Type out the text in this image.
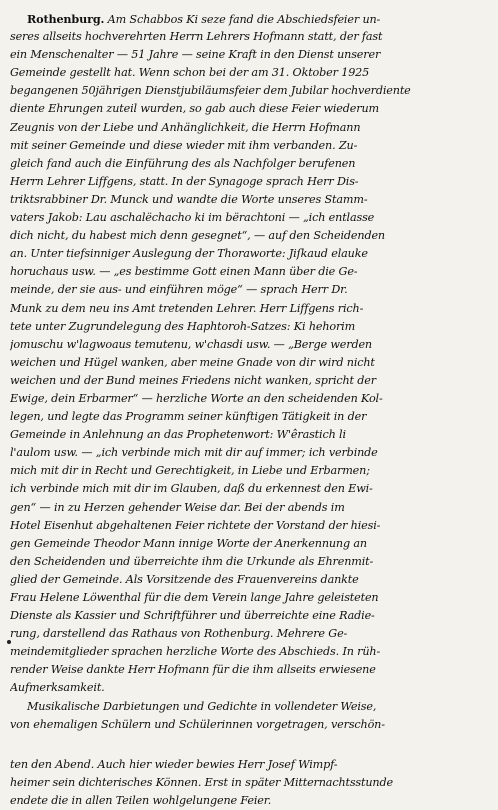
Rothenburg. Am Schabbos Ki seze fand die Abschiedsfeier un-
seres allseits hochverehrten Herrn Lehrers Hofmann statt, der fast
ein Menschenalter — 51 Jahre — seine Kraft in den Dienst unserer
Gemeinde gestellt hat. Wenn schon bei der am 31. Oktober 1925
begangenen 50jährigen Dienstjubiläumsfeier dem Jubilar hochverdiente
diente Ehrungen zuteil wurden, so gab auch diese Feier wiederum
Zeugnis von der Liebe und Anhänglichkeit, die Herrn Hofmann
mit seiner Gemeinde und diese wieder mit ihm verbanden. Zu-
gleich fand auch die Einführung des als Nachfolger berufenen
Herrn Lehrer Liffgens, statt. In der Synagoge sprach Herr Dis-
triktsrabbiner Dr. Munck und wandte die Worte unseres Stamm-
vaters Jakob: Lau aschalëchacho ki im bërachtoni — „ich entlasse
dich nicht, du habest mich denn gesegnet“, — auf den Scheidenden
an. Unter tiefsinniger Auslegung der Thoraworte: Jiſkaud elauke
horuchaus usw. — „es bestimme Gott einen Mann über die Ge-
meinde, der sie aus- und einführen möge“ — sprach Herr Dr.
Munk zu dem neu ins Amt tretenden Lehrer. Herr Liffgens rich-
tete unter Zugrundelegung des Haphtoroh-Satzes: Ki hehorim
jomuschu w'lagwoaus temutenu, w'chasdi usw. — „Berge werden
weichen und Hügel wanken, aber meine Gnade von dir wird nicht
weichen und der Bund meines Friedens nicht wanken, spricht der
Ewige, dein Erbarmer“ — herzliche Worte an den scheidenden Kol-
legen, und legte das Programm seiner künftigen Tätigkeit in der
Gemeinde in Anlehnung an das Prophetenwort: W'êrastich li
l'aulom usw. — „ich verbinde mich mit dir auf immer; ich verbinde
mich mit dir in Recht und Gerechtigkeit, in Liebe und Erbarmen;
ich verbinde mich mit dir im Glauben, daß du erkennest den Ewi-
gen“ — in zu Herzen gehender Weise dar. Bei der abends im
Hotel Eisenhut abgehaltenen Feier richtete der Vorstand der hiesi-
gen Gemeinde Theodor Mann innige Worte der Anerkennung an
den Scheidenden und überreichte ihm die Urkunde als Ehrenmit-
glied der Gemeinde. Als Vorsitzende des Frauenvereins dankte
Frau Helene Löwenthal für die dem Verein lange Jahre geleisteten
Dienste als Kassier und Schriftführer und überreichte eine Radie-
rung, darstellend das Rathaus von Rothenburg. Mehrere Ge-
meindemitglieder sprachen herzliche Worte des Abschieds. In rüh-
render Weise dankte Herr Hofmann für die ihm allseits erwiesene
Aufmerksamkeit.
Musikalische Darbietungen und Gedichte in vollendeter Weise,
von ehemaligen Schülern und Schülerinnen vorgetragen, verschön-
ten den Abend. Auch hier wieder bewies Herr Josef Wimpf-
heimer sein dichterisches Können. Erst in später Mitternachtsstunde
endete die in allen Teilen wohlgelungene Feier.
